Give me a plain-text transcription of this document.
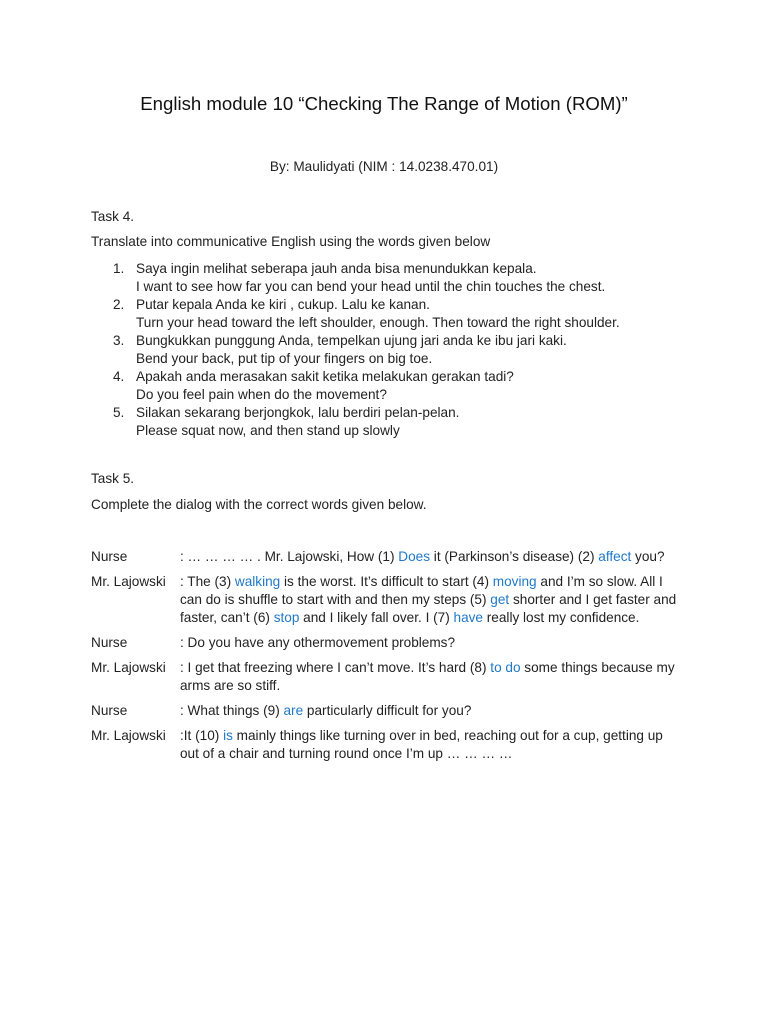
English module 10 “Checking The Range of Motion (ROM)”
By: Maulidyati (NIM : 14.0238.470.01)
Task 4.
Translate into communicative English using the words given below
1. Saya ingin melihat seberapa jauh anda bisa menundukkan kepala.
I want to see how far you can bend your head until the chin touches the chest.
2. Putar kepala Anda ke kiri , cukup. Lalu ke kanan.
Turn your head toward the left shoulder, enough. Then toward the right shoulder.
3. Bungkukkan punggung Anda, tempelkan ujung jari anda ke ibu jari kaki.
Bend your back, put tip of your fingers on big toe.
4. Apakah anda merasakan sakit ketika melakukan gerakan tadi?
Do you feel pain when do the movement?
5. Silakan sekarang berjongkok, lalu berdiri pelan-pelan.
Please squat now, and then stand up slowly
Task 5.
Complete the dialog with the correct words given below.
Nurse	: … … … … . Mr. Lajowski, How (1) Does it (Parkinson’s disease) (2) affect you?
Mr. Lajowski	: The (3) walking is the worst. It’s difficult to start (4) moving and I’m so slow. All I can do is shuffle to start with and then my steps (5) get shorter and I get faster and faster, can’t (6) stop and I likely fall over. I (7) have really lost my confidence.
Nurse	: Do you have any othermovement problems?
Mr. Lajowski	: I get that freezing where I can’t move. It’s hard (8) to do some things because my arms are so stiff.
Nurse	: What things (9) are particularly difficult for you?
Mr. Lajowski	:It (10) is mainly things like turning over in bed, reaching out for a cup, getting up out of a chair and turning round once I’m up … … … …
